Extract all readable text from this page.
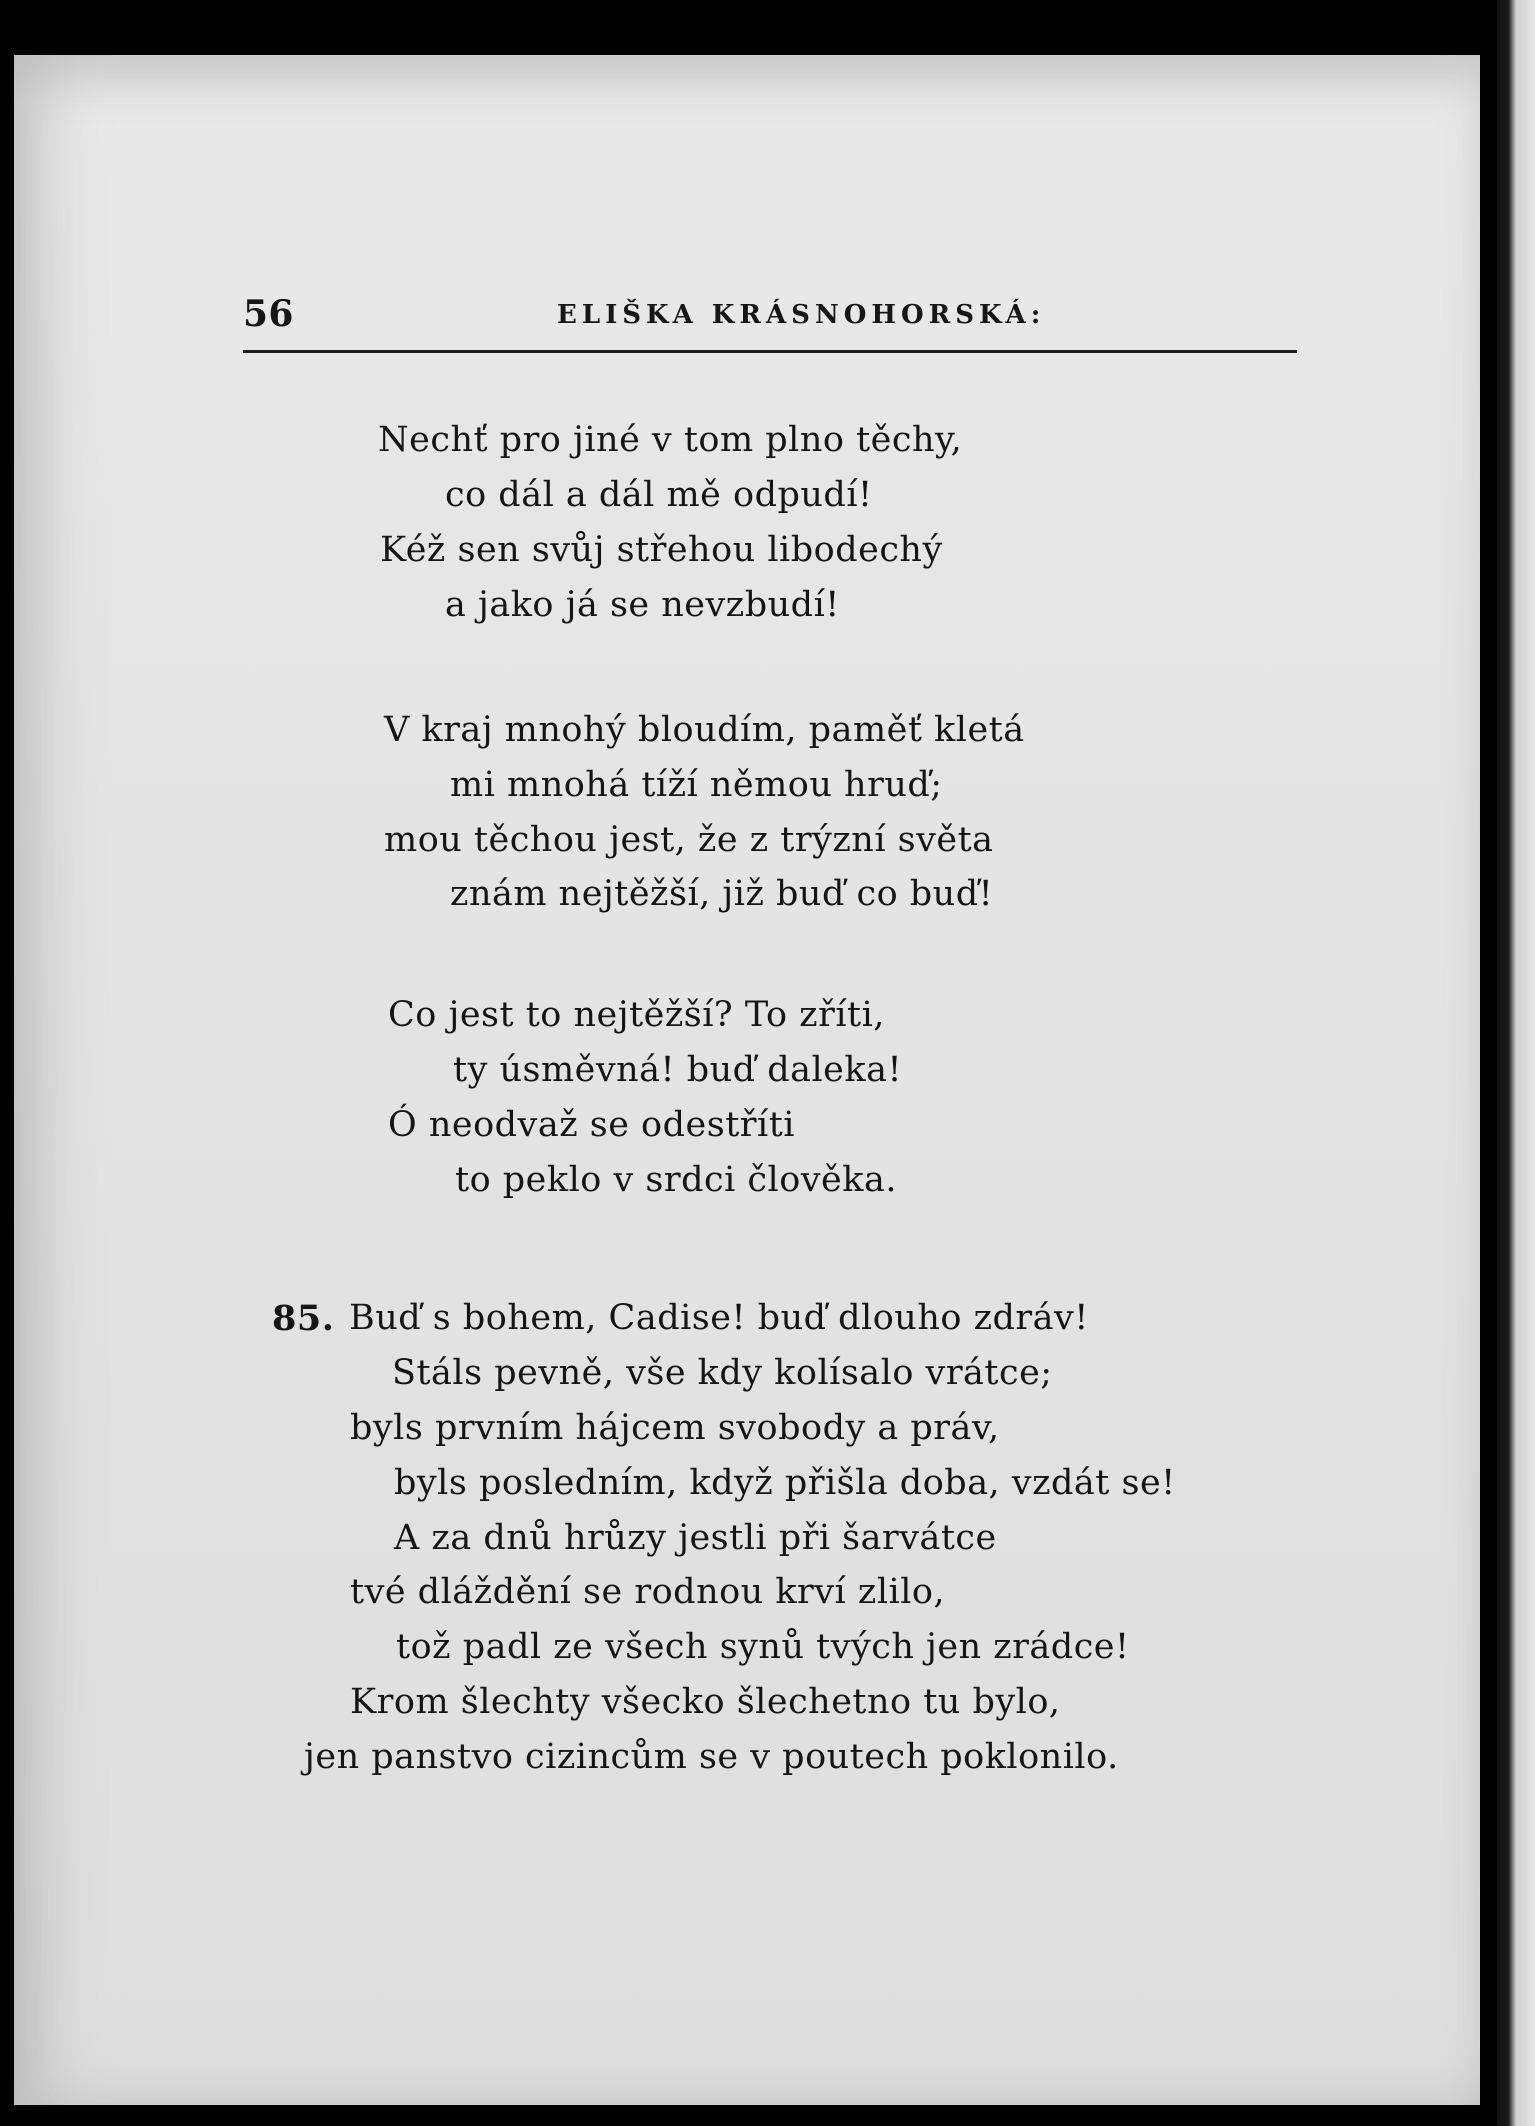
56	ELIŠKA KRÁSNOHORSKÁ:
Nechť pro jiné v tom plno těchy,
co dál a dál mě odpudí!
Kéž sen svůj střehou libodechý
a jako já se nevzbudí!
V kraj mnohý bloudím, paměť kletá
mi mnohá tíží němou hruď;
mou těchou jest, že z trýzní světa
znám nejtěžší, již buď co buď!
Co jest to nejtěžší? To zříti,
ty úsměvná! buď daleka!
Ó neodvaž se odestříti
to peklo v srdci člověka.
85. Buď s bohem, Cadise! buď dlouho zdráv!
Stáls pevně, vše kdy kolísalo vrátce;
byls prvním hájcem svobody a práv,
byls posledním, když přišla doba, vzdát se!
A za dnů hrůzy jestli při šarvátce
tvé dláždění se rodnou krví zlilo,
tož padl ze všech synů tvých jen zrádce!
Krom šlechty všecko šlechetno tu bylo,
jen panstvo cizincům se v poutech poklonilo.
